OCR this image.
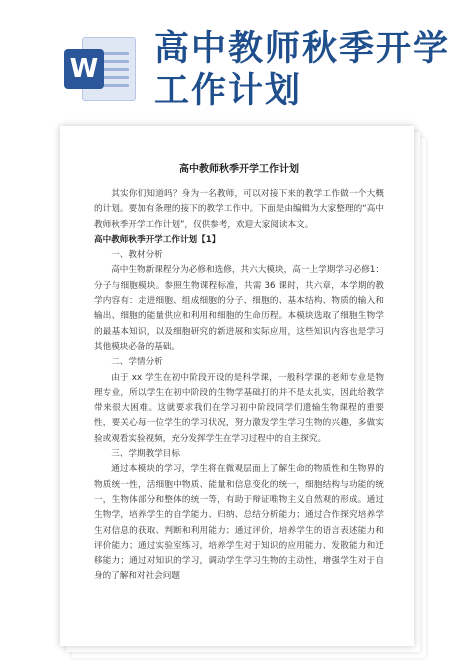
W 高中教师秋季开学
工作计划
高中教师秋季开学工作计划

其实你们知道吗？身为一名教师，可以对接下来的教学工作做一个大概的计划。要加有条理的接下的教学工作中。下面是由编辑为大家整理的“高中教师秋季开学工作计划”，仅供参考，欢迎大家阅读本文。

高中教师秋季开学工作计划【1】

一、教材分析

高中生物新课程分为必修和选修，共六大模块，高一上学期学习必修1：分子与细胞模块。参照生物课程标准，共需 36 课时，共六章，本学期的教学内容有：走进细胞、组成细胞的分子、细胞的、基本结构、物质的输入和输出、细胞的能量供应和利用和细胞的生命历程。本模块选取了细胞生物学的最基本知识，以及细胞研究的新进展和实际应用，这些知识内容也是学习其他模块必备的基础。

二、学情分析

由于 xx 学生在初中阶段开设的是科学课，一般科学课的老师专业是物理专业，所以学生在初中阶段的生物学基础打的并不是太扎实，因此给教学带来很大困难。这就要求我们在学习初中阶段同学们遗输生物课程的重要性，要关心每一位学生的学习状况，努力激发学生学习生物的兴趣，多做实验或观看实验视频，充分发挥学生在学习过程中的自主探究。

三、学期教学目标

通过本模块的学习，学生将在微观层面上了解生命的物质性和生物界的物质统一性，活细胞中物质、能量和信息变化的统一，细胞结构与功能的统一，生物体部分和整体的统一等，有助于辩证唯物主义自然观的形成。通过生物学，培养学生的自学能力、归纳、总结分析能力；通过合作探究培养学生对信息的获取、判断和利用能力；通过评价，培养学生的语言表述能力和评价能力；通过实验室练习，培养学生对于知识的应用能力、发散能力和迁移能力；通过对知识的学习，调动学生学习生物的主动性，增强学生对于自身的了解和对社会问题
